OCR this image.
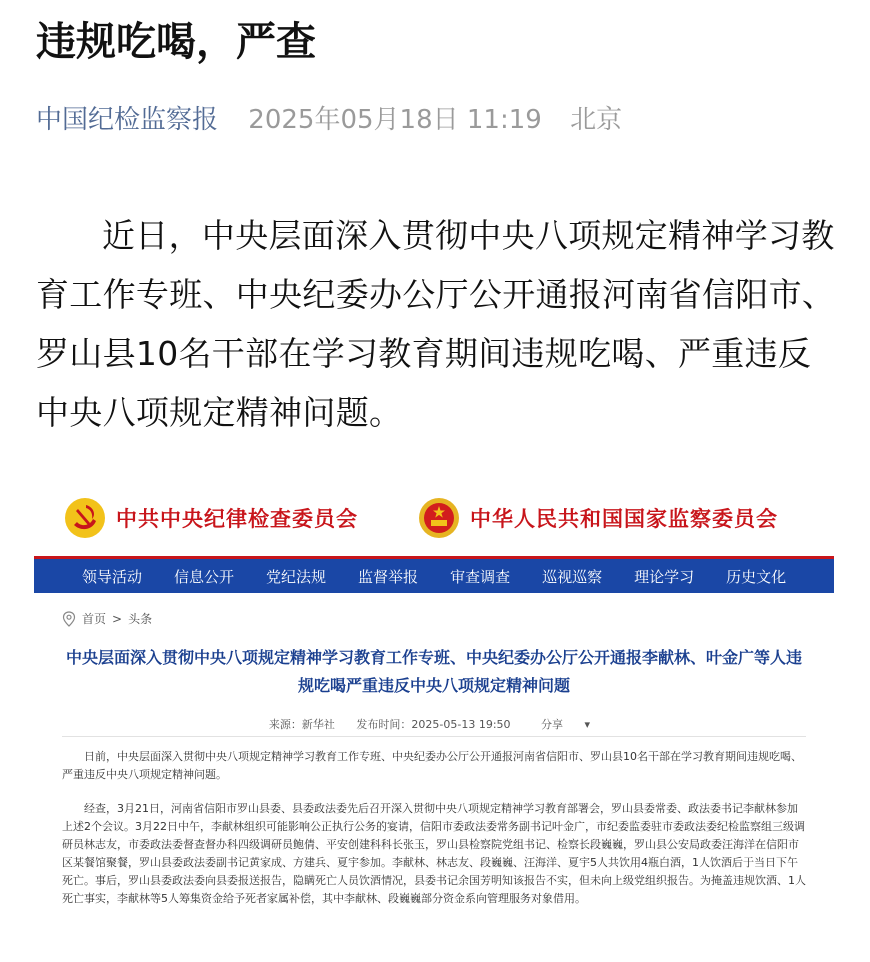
违规吃喝，严查
中国纪检监察报 2025年05月18日 11:19 北京

近日，中央层面深入贯彻中央八项规定精神学习教育工作专班、中央纪委办公厅公开通报河南省信阳市、罗山县10名干部在学习教育期间违规吃喝、严重违反中央八项规定精神问题。

中共中央纪律检查委员会	中华人民共和国国家监察委员会
领导活动	信息公开	党纪法规	监督举报	审查调查	巡视巡察	理论学习	历史文化
首页 > 头条
中央层面深入贯彻中央八项规定精神学习教育工作专班、中央纪委办公厅公开通报李献林、叶金广等人违规吃喝严重违反中央八项规定精神问题
来源：新华社 发布时间：2025-05-13 19:50	分享 ▾

日前，中央层面深入贯彻中央八项规定精神学习教育工作专班、中央纪委办公厅公开通报河南省信阳市、罗山县10名干部在学习教育期间违规吃喝、严重违反中央八项规定精神问题。

经查，3月21日，河南省信阳市罗山县委、县委政法委先后召开深入贯彻中央八项规定精神学习教育部署会，罗山县委常委、政法委书记李献林参加上述2个会议。3月22日中午，李献林组织可能影响公正执行公务的宴请，信阳市委政法委常务副书记叶金广，市纪委监委驻市委政法委纪检监察组三级调研员林志友，市委政法委督查督办科四级调研员鲍倩、平安创建科科长张玉，罗山县检察院党组书记、检察长段巍巍，罗山县公安局政委汪海洋在信阳市区某餐馆聚餐，罗山县委政法委副书记黄家成、方建兵、夏宇参加。李献林、林志友、段巍巍、汪海洋、夏宇5人共饮用4瓶白酒，1人饮酒后于当日下午死亡。事后，罗山县委政法委向县委报送报告，隐瞒死亡人员饮酒情况，县委书记余国芳明知该报告不实，但未向上级党组织报告。为掩盖违规饮酒、1人死亡事实，李献林等5人筹集资金给予死者家属补偿，其中李献林、段巍巍部分资金系向管理服务对象借用。
